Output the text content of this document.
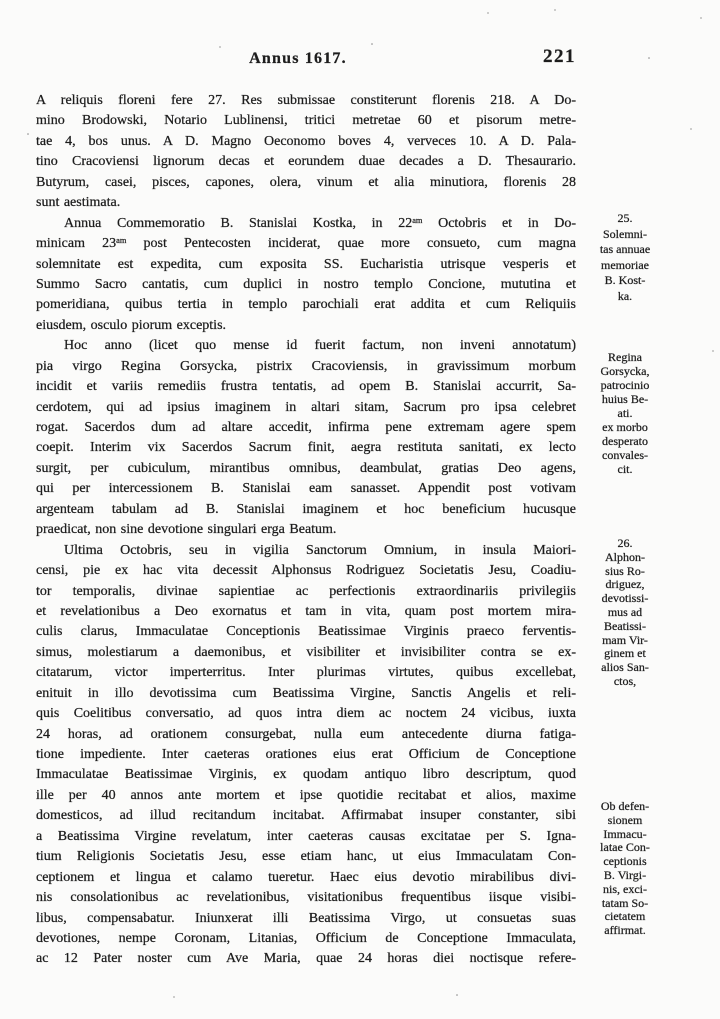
Annus 1617.	221
A reliquis floreni fere 27. Res submissae constiterunt florenis 218. A Do-
mino Brodowski, Notario Lublinensi, tritici metretae 60 et pisorum metre-
tae 4, bos unus. A D. Magno Oeconomo boves 4, verveces 10. A D. Pala-
tino Cracoviensi lignorum decas et eorundem duae decades a D. Thesaurario.
Butyrum, casei, pisces, capones, olera, vinum et alia minutiora, florenis 28
sunt aestimata.
Annua Commemoratio B. Stanislai Kostka, in $22^{am}$ Octobris et in Do-
minicam $23^{am}$ post Pentecosten inciderat, quae more consueto, cum magna
solemnitate est expedita, cum exposita SS. Eucharistia utrisque vesperis et
Summo Sacro cantatis, cum duplici in nostro templo Concione, mututina et
pomeridiana, quibus tertia in templo parochiali erat addita et cum Reliquiis
eiusdem, osculo piorum exceptis.
Hoc anno (licet quo mense id fuerit factum, non inveni annotatum)
pia virgo Regina Gorsycka, pistrix Cracoviensis, in gravissimum morbum
incidit et variis remediis frustra tentatis, ad opem B. Stanislai accurrit, Sa-
cerdotem, qui ad ipsius imaginem in altari sitam, Sacrum pro ipsa celebret
rogat. Sacerdos dum ad altare accedit, infirma pene extremam agere spem
coepit. Interim vix Sacerdos Sacrum finit, aegra restituta sanitati, ex lecto
surgit, per cubiculum, mirantibus omnibus, deambulat, gratias Deo agens,
qui per intercessionem B. Stanislai eam sanasset. Appendit post votivam
argenteam tabulam ad B. Stanislai imaginem et hoc beneficium hucusque
praedicat, non sine devotione singulari erga Beatum.
Ultima Octobris, seu in vigilia Sanctorum Omnium, in insula Maiori-
censi, pie ex hac vita decessit Alphonsus Rodriguez Societatis Jesu, Coadiu-
tor temporalis, divinae sapientiae ac perfectionis extraordinariis privilegiis
et revelationibus a Deo exornatus et tam in vita, quam post mortem mira-
culis clarus, Immaculatae Conceptionis Beatissimae Virginis praeco ferventis-
simus, molestiarum a daemonibus, et visibiliter et invisibiliter contra se ex-
citatarum, victor imperterritus. Inter plurimas virtutes, quibus excellebat,
enituit in illo devotissima cum Beatissima Virgine, Sanctis Angelis et reli-
quis Coelitibus conversatio, ad quos intra diem ac noctem 24 vicibus, iuxta
24 horas, ad orationem consurgebat, nulla eum antecedente diurna fatiga-
tione impediente. Inter caeteras orationes eius erat Officium de Conceptione
Immaculatae Beatissimae Virginis, ex quodam antiquo libro descriptum, quod
ille per 40 annos ante mortem et ipse quotidie recitabat et alios, maxime
domesticos, ad illud recitandum incitabat. Affirmabat insuper constanter, sibi
a Beatissima Virgine revelatum, inter caeteras causas excitatae per S. Igna-
tium Religionis Societatis Jesu, esse etiam hanc, ut eius Immaculatam Con-
ceptionem et lingua et calamo tueretur. Haec eius devotio mirabilibus divi-
nis consolationibus ac revelationibus, visitationibus frequentibus iisque visibi-
libus, compensabatur. Iniunxerat illi Beatissima Virgo, ut consuetas suas
devotiones, nempe Coronam, Litanias, Officium de Conceptione Immaculata,
ac 12 Pater noster cum Ave Maria, quae 24 horas diei noctisque refere-
25.
Solemni-
tas annuae
memoriae
B. Kost-
ka.
Regina
Gorsycka,
patrocinio
huius Be-
ati.
ex morbo
desperato
convales-
cit.
26.
Alphon-
sius Ro-
driguez,
devotissi-
mus ad
Beatissi-
mam Vir-
ginem et
alios San-
ctos,
Ob defen-
sionem
Immacu-
latae Con-
ceptionis
B. Virgi-
nis, exci-
tatam So-
cietatem
affirmat.
